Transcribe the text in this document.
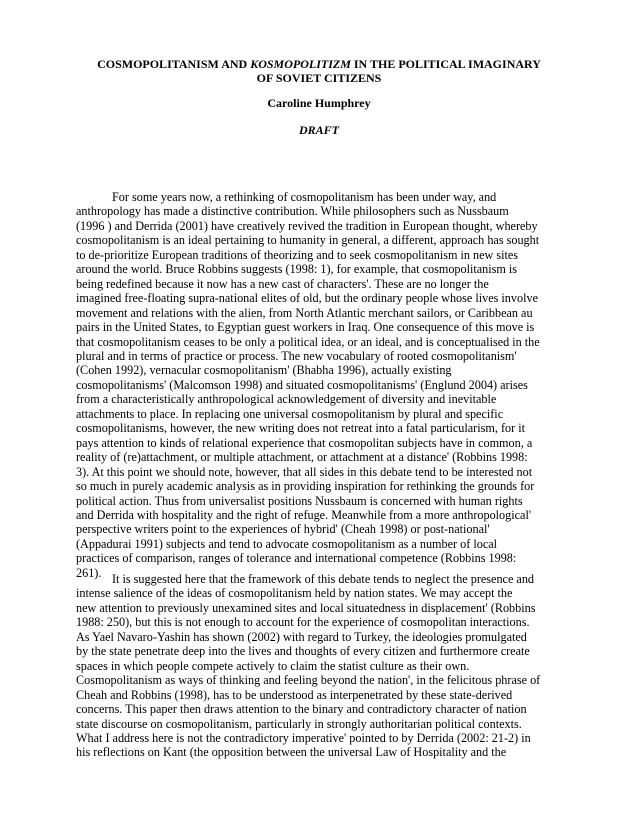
COSMOPOLITANISM AND KOSMOPOLITIZM IN THE POLITICAL IMAGINARY
OF SOVIET CITIZENS

Caroline Humphrey

DRAFT

For some years now, a rethinking of cosmopolitanism has been under way, and
anthropology has made a distinctive contribution. While philosophers such as Nussbaum
(1996 ) and Derrida (2001) have creatively revived the tradition in European thought, whereby
cosmopolitanism is an ideal pertaining to humanity in general, a different, approach has sought
to de-prioritize European traditions of theorizing and to seek cosmopolitanism in new sites
around the world. Bruce Robbins suggests (1998: 1), for example, that cosmopolitanism is
being redefined because it now has a new cast of characters'. These are no longer the
imagined free-floating supra-national elites of old, but the ordinary people whose lives involve
movement and relations with the alien, from North Atlantic merchant sailors, or Caribbean au
pairs in the United States, to Egyptian guest workers in Iraq. One consequence of this move is
that cosmopolitanism ceases to be only a political idea, or an ideal, and is conceptualised in the
plural and in terms of practice or process. The new vocabulary of rooted cosmopolitanism'
(Cohen 1992), vernacular cosmopolitanism' (Bhabha 1996), actually existing
cosmopolitanisms' (Malcomson 1998) and situated cosmopolitanisms' (Englund 2004) arises
from a characteristically anthropological acknowledgement of diversity and inevitable
attachments to place. In replacing one universal cosmopolitanism by plural and specific
cosmopolitanisms, however, the new writing does not retreat into a fatal particularism, for it
pays attention to kinds of relational experience that cosmopolitan subjects have in common, a
reality of (re)attachment, or multiple attachment, or attachment at a distance' (Robbins 1998:
3). At this point we should note, however, that all sides in this debate tend to be interested not
so much in purely academic analysis as in providing inspiration for rethinking the grounds for
political action. Thus from universalist positions Nussbaum is concerned with human rights
and Derrida with hospitality and the right of refuge. Meanwhile from a more anthropological'
perspective writers point to the experiences of hybrid' (Cheah 1998) or post-national'
(Appadurai 1991) subjects and tend to advocate cosmopolitanism as a number of local
practices of comparison, ranges of tolerance and international competence (Robbins 1998:
261). It is suggested here that the framework of this debate tends to neglect the presence and
intense salience of the ideas of cosmopolitanism held by nation states. We may accept the
new attention to previously unexamined sites and local situatedness in displacement' (Robbins
1988: 250), but this is not enough to account for the experience of cosmopolitan interactions.
As Yael Navaro-Yashin has shown (2002) with regard to Turkey, the ideologies promulgated
by the state penetrate deep into the lives and thoughts of every citizen and furthermore create
spaces in which people compete actively to claim the statist culture as their own.
Cosmopolitanism as ways of thinking and feeling beyond the nation', in the felicitous phrase of
Cheah and Robbins (1998), has to be understood as interpenetrated by these state-derived
concerns. This paper then draws attention to the binary and contradictory character of nation
state discourse on cosmopolitanism, particularly in strongly authoritarian political contexts.
What I address here is not the contradictory imperative' pointed to by Derrida (2002: 21-2) in
his reflections on Kant (the opposition between the universal Law of Hospitality and the
